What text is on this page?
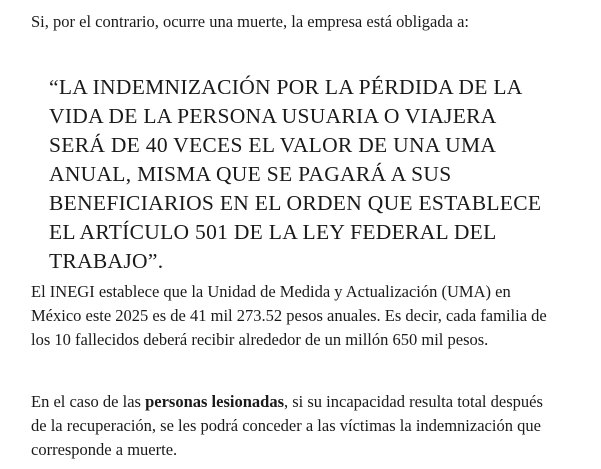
Si, por el contrario, ocurre una muerte, la empresa está obligada a:

“LA INDEMNIZACIÓN POR LA PÉRDIDA DE LA VIDA DE LA PERSONA USUARIA O VIAJERA SERÁ DE 40 VECES EL VALOR DE UNA UMA ANUAL, MISMA QUE SE PAGARÁ A SUS BENEFICIARIOS EN EL ORDEN QUE ESTABLECE EL ARTÍCULO 501 DE LA LEY FEDERAL DEL TRABAJO”.

El INEGI establece que la Unidad de Medida y Actualización (UMA) en México este 2025 es de 41 mil 273.52 pesos anuales. Es decir, cada familia de los 10 fallecidos deberá recibir alrededor de un millón 650 mil pesos.

En el caso de las personas lesionadas, si su incapacidad resulta total después de la recuperación, se les podrá conceder a las víctimas la indemnización que corresponde a muerte.
